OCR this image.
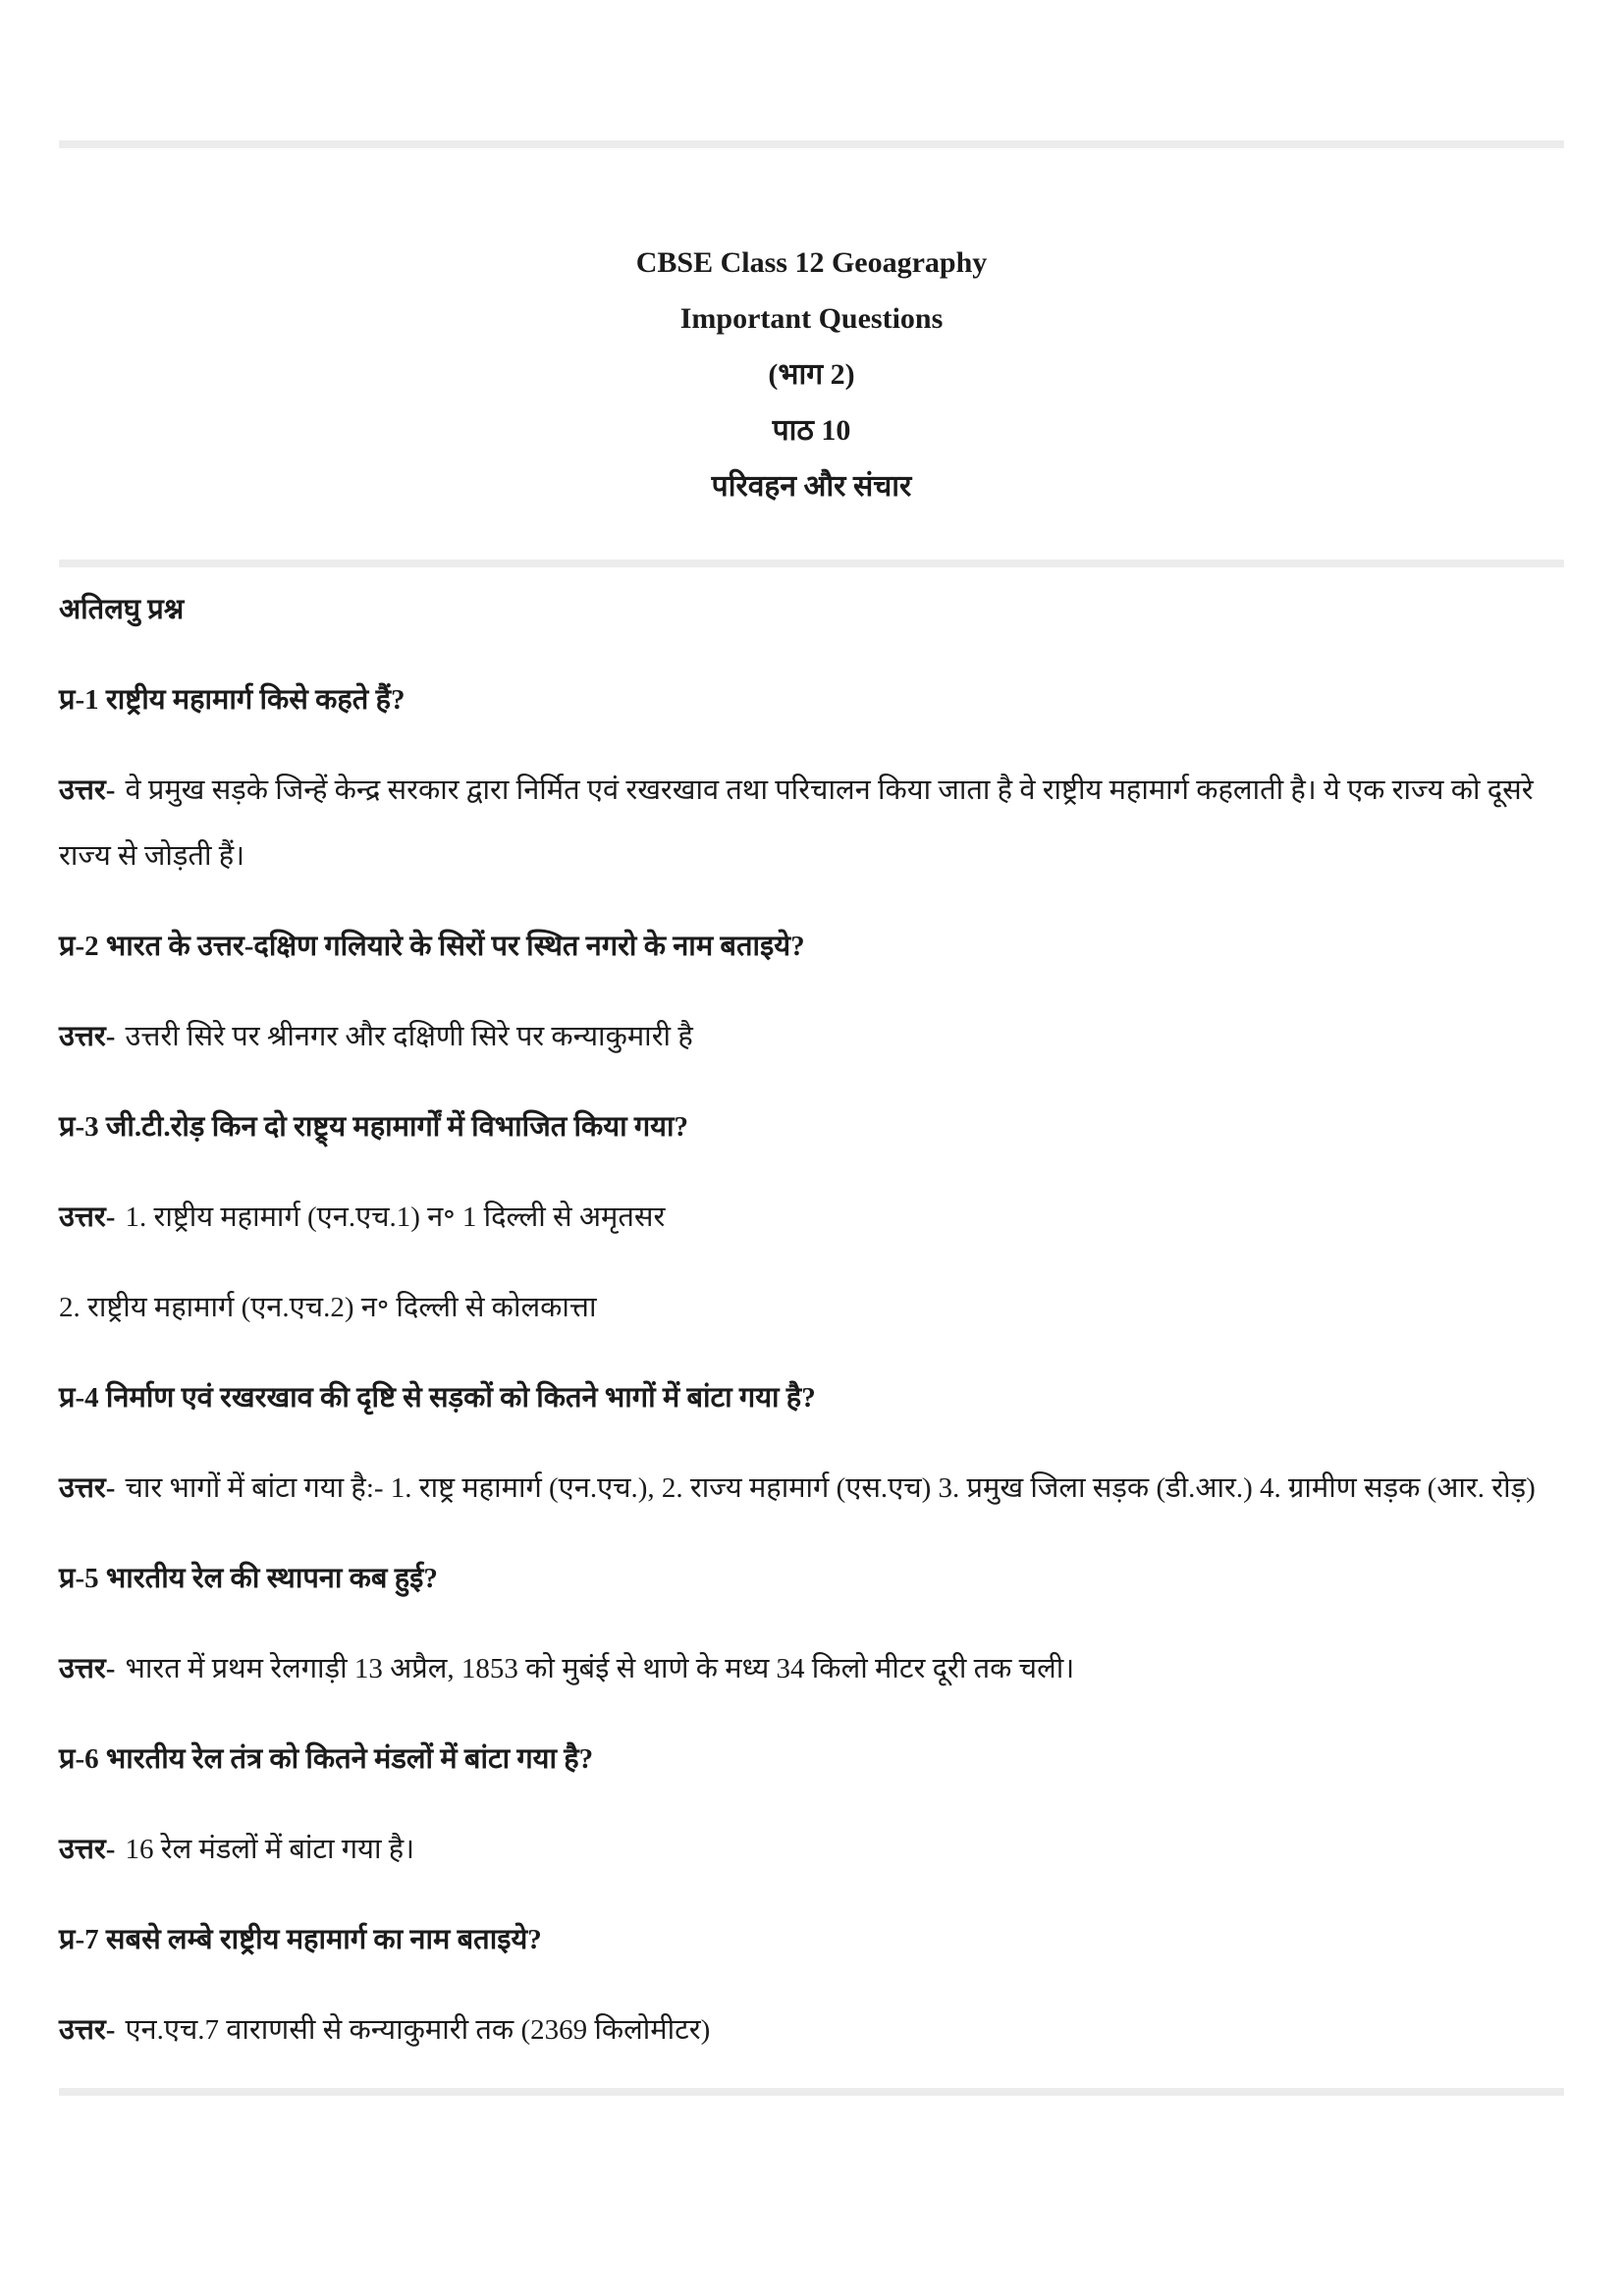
CBSE Class 12 Geoagraphy
Important Questions
(भाग 2)
पाठ 10
परिवहन और संचार

अतिलघु प्रश्न

प्र-1 राष्ट्रीय महामार्ग किसे कहते हैं?

उत्तर- वे प्रमुख सड़के जिन्हें केन्द्र सरकार द्वारा निर्मित एवं रखरखाव तथा परिचालन किया जाता है वे राष्ट्रीय महामार्ग कहलाती है। ये एक राज्य को दूसरे राज्य से जोड़ती हैं।

प्र-2 भारत के उत्तर-दक्षिण गलियारे के सिरों पर स्थित नगरो के नाम बताइये?

उत्तर- उत्तरी सिरे पर श्रीनगर और दक्षिणी सिरे पर कन्याकुमारी है

प्र-3 जी.टी.रोड़ किन दो राष्ट्र्य महामार्गों में विभाजित किया गया?

उत्तर- 1. राष्ट्रीय महामार्ग (एन.एच.1) न॰ 1 दिल्ली से अमृतसर

2. राष्ट्रीय महामार्ग (एन.एच.2) न॰ दिल्ली से कोलकात्ता

प्र-4 निर्माण एवं रखरखाव की दृष्टि से सड़कों को कितने भागों में बांटा गया है?

उत्तर- चार भागों में बांटा गया है:- 1. राष्ट्र महामार्ग (एन.एच.), 2. राज्य महामार्ग (एस.एच) 3. प्रमुख जिला सड़क (डी.आर.) 4. ग्रामीण सड़क (आर. रोड़)

प्र-5 भारतीय रेल की स्थापना कब हुई?

उत्तर- भारत में प्रथम रेलगाड़ी 13 अप्रैल, 1853 को मुबंई से थाणे के मध्य 34 किलो मीटर दूरी तक चली।

प्र-6 भारतीय रेल तंत्र को कितने मंडलों में बांटा गया है?

उत्तर- 16 रेल मंडलों में बांटा गया है।

प्र-7 सबसे लम्बे राष्ट्रीय महामार्ग का नाम बताइये?

उत्तर- एन.एच.7 वाराणसी से कन्याकुमारी तक (2369 किलोमीटर)
